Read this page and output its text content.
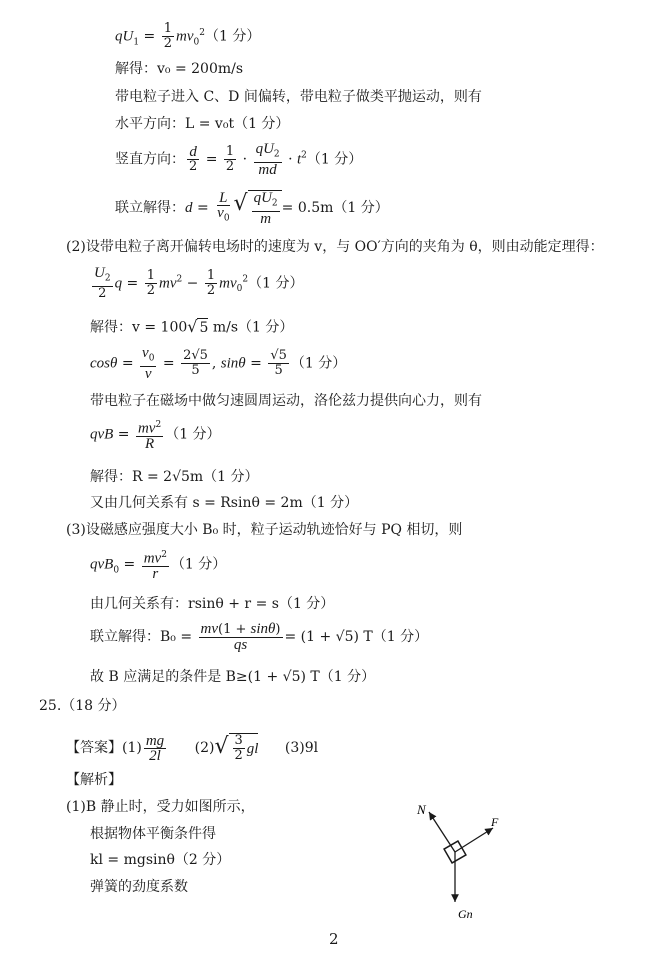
$qU_1 = \frac{1}{2} mv_0^2(1$ 分）
解得：v₀ = 200m/s
带电粒子进入 C、D 间偏转，带电粒子做类平抛运动，则有
水平方向：L = v₀t（1 分）
竖直方向： $\frac{d}{2} = \frac{1}{2} \cdot \frac{qU_2}{md} \cdot t^2(1$ 分）
联立解得：$d = \frac{L}{v_0}$ √ $\frac{qU_2}{m} = 0.5m(1$ 分）
(2)设带电粒子离开偏转电场时的速度为 v，与 OO′方向的夹角为 θ，则由动能定理得：
$\frac{U_2}{2}$ $q = \frac{1}{2} mv^2 - \frac{1}{2} mv_0^2(1$ 分）
解得：v = 100 √ 5 m/s（1 分）
$\cos\theta = \frac{v_0}{v} = \frac{2√5}{5}$ , $\sin\theta = \frac{√5}{5} (1$ 分）
带电粒子在磁场中做匀速圆周运动，洛伦兹力提供向心力，则有
qvB = $\frac{mv^2}{R} (1$ 分）
解得：R = 2√5m（1 分）
又由几何关系有 s = Rsinθ = 2m（1 分）
(3)设磁感应强度大小 B₀ 时，粒子运动轨迹恰好与 PQ 相切，则
$qvB_0 = \frac{mv^2}{r} (1$ 分）
由几何关系有：rsinθ + r = s（1 分）
联立解得：$B_0 = \frac{mv(1 + \sin\theta)}{qs} = (1 + √5)$ T（1 分）
故 B 应满足的条件是 B≥(1 + √5) T（1 分）
25.（18 分）
【答案】$(1) \frac{mg}{2l} (2)$ √ $\frac{3}{2}$ gl (3)9l
【解析】
(1)B 静止时，受力如图所示，
根据物体平衡条件得
kl = mgsinθ（2 分）
弹簧的劲度系数
N
F
Gn
2
